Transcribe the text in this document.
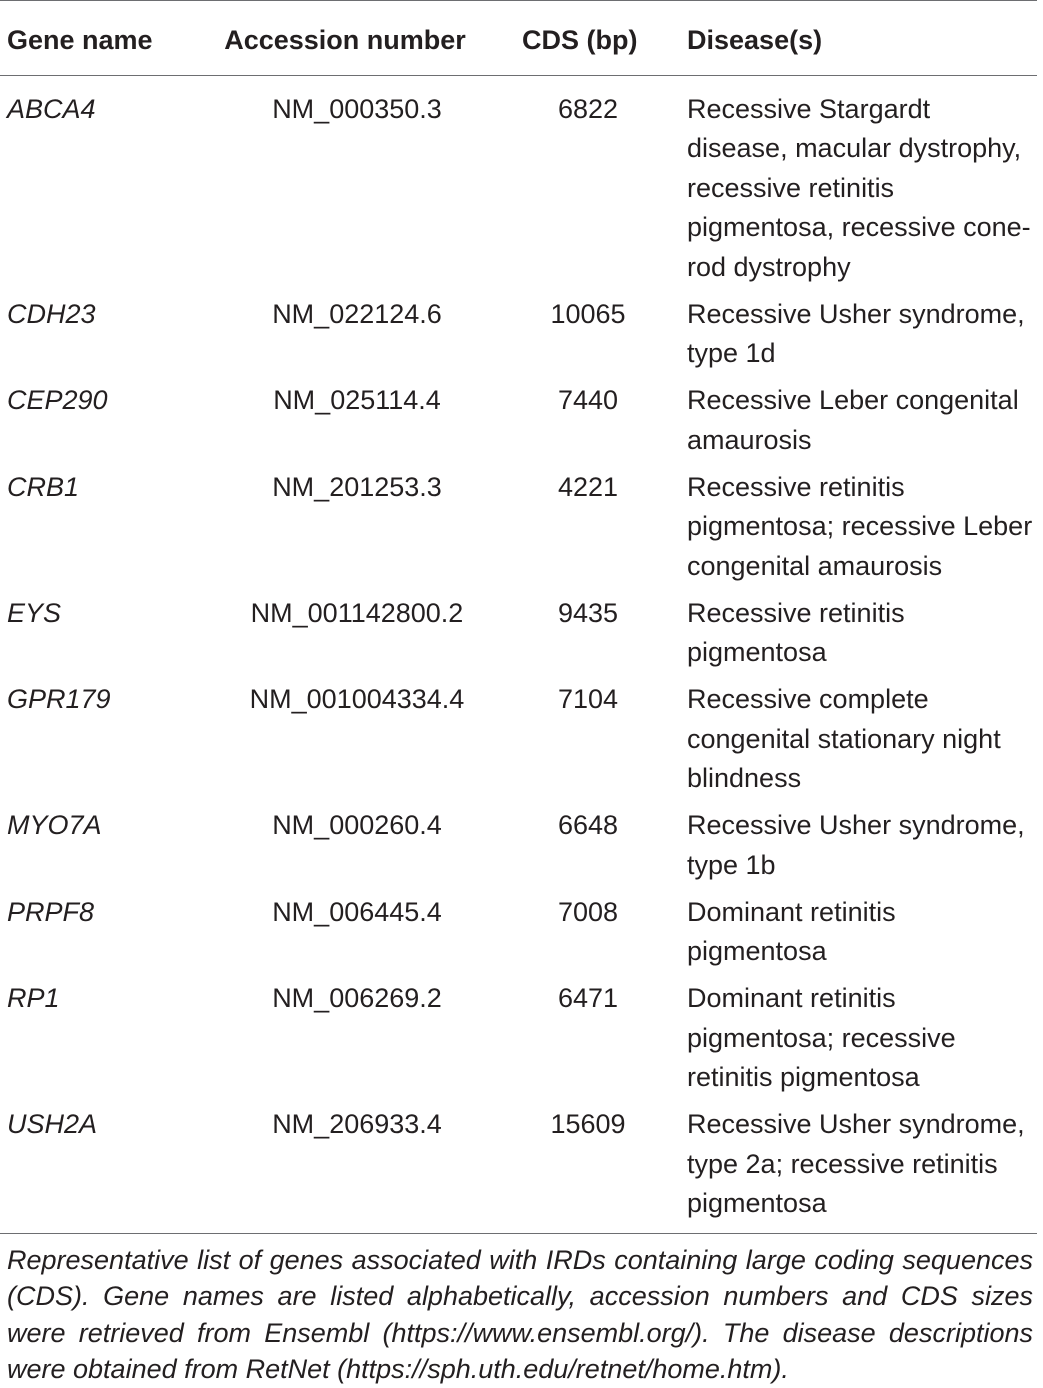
Gene name	Accession number	CDS (bp)	Disease(s)
ABCA4	NM_000350.3	6822	Recessive Stargardt disease, macular dystrophy, recessive retinitis pigmentosa, recessive cone-rod dystrophy
CDH23	NM_022124.6	10065	Recessive Usher syndrome, type 1d
CEP290	NM_025114.4	7440	Recessive Leber congenital amaurosis
CRB1	NM_201253.3	4221	Recessive retinitis pigmentosa; recessive Leber congenital amaurosis
EYS	NM_001142800.2	9435	Recessive retinitis pigmentosa
GPR179	NM_001004334.4	7104	Recessive complete congenital stationary night blindness
MYO7A	NM_000260.4	6648	Recessive Usher syndrome, type 1b
PRPF8	NM_006445.4	7008	Dominant retinitis pigmentosa
RP1	NM_006269.2	6471	Dominant retinitis pigmentosa; recessive retinitis pigmentosa
USH2A	NM_206933.4	15609	Recessive Usher syndrome, type 2a; recessive retinitis pigmentosa
Representative list of genes associated with IRDs containing large coding sequences (CDS). Gene names are listed alphabetically, accession numbers and CDS sizes were retrieved from Ensembl (https://www.ensembl.org/). The disease descriptions were obtained from RetNet (https://sph.uth.edu/retnet/home.htm).			
